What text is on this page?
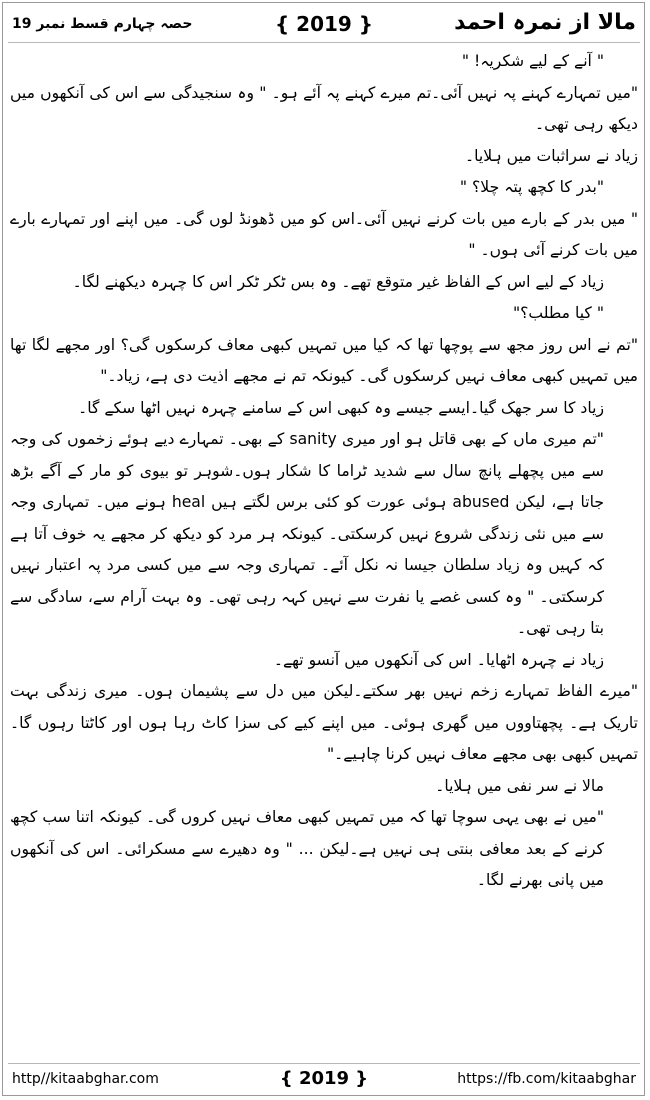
مالا از نمرہ احمد
{ 2019 }
حصہ چہارم قسط نمبر 19

" آنے کے لیے شکریہ! "

"میں تمہارے کہنے پہ نہیں آئی۔تم میرے کہنے پہ آئے ہو۔ " وہ سنجیدگی سے اس کی آنکھوں میں دیکھ رہی تھی۔

زیاد نے سراثبات میں ہلایا۔

"بدر کا کچھ پتہ چلا؟ "

" میں بدر کے بارے میں بات کرنے نہیں آئی۔اس کو میں ڈھونڈ لوں گی۔ میں اپنے اور تمہارے بارے میں بات کرنے آئی ہوں۔ "

زیاد کے لیے اس کے الفاظ غیر متوقع تھے۔ وہ بس ٹکر ٹکر اس کا چہرہ دیکھنے لگا۔

" کیا مطلب؟"

"تم نے اس روز مجھ سے پوچھا تھا کہ کیا میں تمہیں کبھی معاف کرسکوں گی؟ اور مجھے لگا تھا میں تمہیں کبھی معاف نہیں کرسکوں گی۔ کیونکہ تم نے مجھے اذیت دی ہے، زیاد۔"

زیاد کا سر جھک گیا۔ایسے جیسے وہ کبھی اس کے سامنے چہرہ نہیں اٹھا سکے گا۔

"تم میری ماں کے بھی قاتل ہو اور میری sanity کے بھی۔ تمہارے دیے ہوئے زخموں کی وجہ سے میں پچھلے پانچ سال سے شدید ٹراما کا شکار ہوں۔شوہر تو بیوی کو مار کے آگے بڑھ جاتا ہے، لیکن abused ہوئی عورت کو کئی برس لگتے ہیں heal ہونے میں۔ تمہاری وجہ سے میں نئی زندگی شروع نہیں کرسکتی۔ کیونکہ ہر مرد کو دیکھ کر مجھے یہ خوف آتا ہے کہ کہیں وہ زیاد سلطان جیسا نہ نکل آئے۔ تمہاری وجہ سے میں کسی مرد پہ اعتبار نہیں کرسکتی۔ " وہ کسی غصے یا نفرت سے نہیں کہہ رہی تھی۔ وہ بہت آرام سے، سادگی سے بتا رہی تھی۔

زیاد نے چہرہ اٹھایا۔ اس کی آنکھوں میں آنسو تھے۔

"میرے الفاظ تمہارے زخم نہیں بھر سکتے۔لیکن میں دل سے پشیمان ہوں۔ میری زندگی بہت تاریک ہے۔ پچھتاووں میں گھری ہوئی۔ میں اپنے کیے کی سزا کاٹ رہا ہوں اور کاٹتا رہوں گا۔تمہیں کبھی بھی مجھے معاف نہیں کرنا چاہیے۔"

مالا نے سر نفی میں ہلایا۔

"میں نے بھی یہی سوچا تھا کہ میں تمہیں کبھی معاف نہیں کروں گی۔ کیونکہ اتنا سب کچھ کرنے کے بعد معافی بنتی ہی نہیں ہے۔لیکن ... " وہ دھیرے سے مسکرائی۔ اس کی آنکھوں میں پانی بھرنے لگا۔

http//kitaabghar.com	{ 2019 }	https://fb.com/kitaabghar
